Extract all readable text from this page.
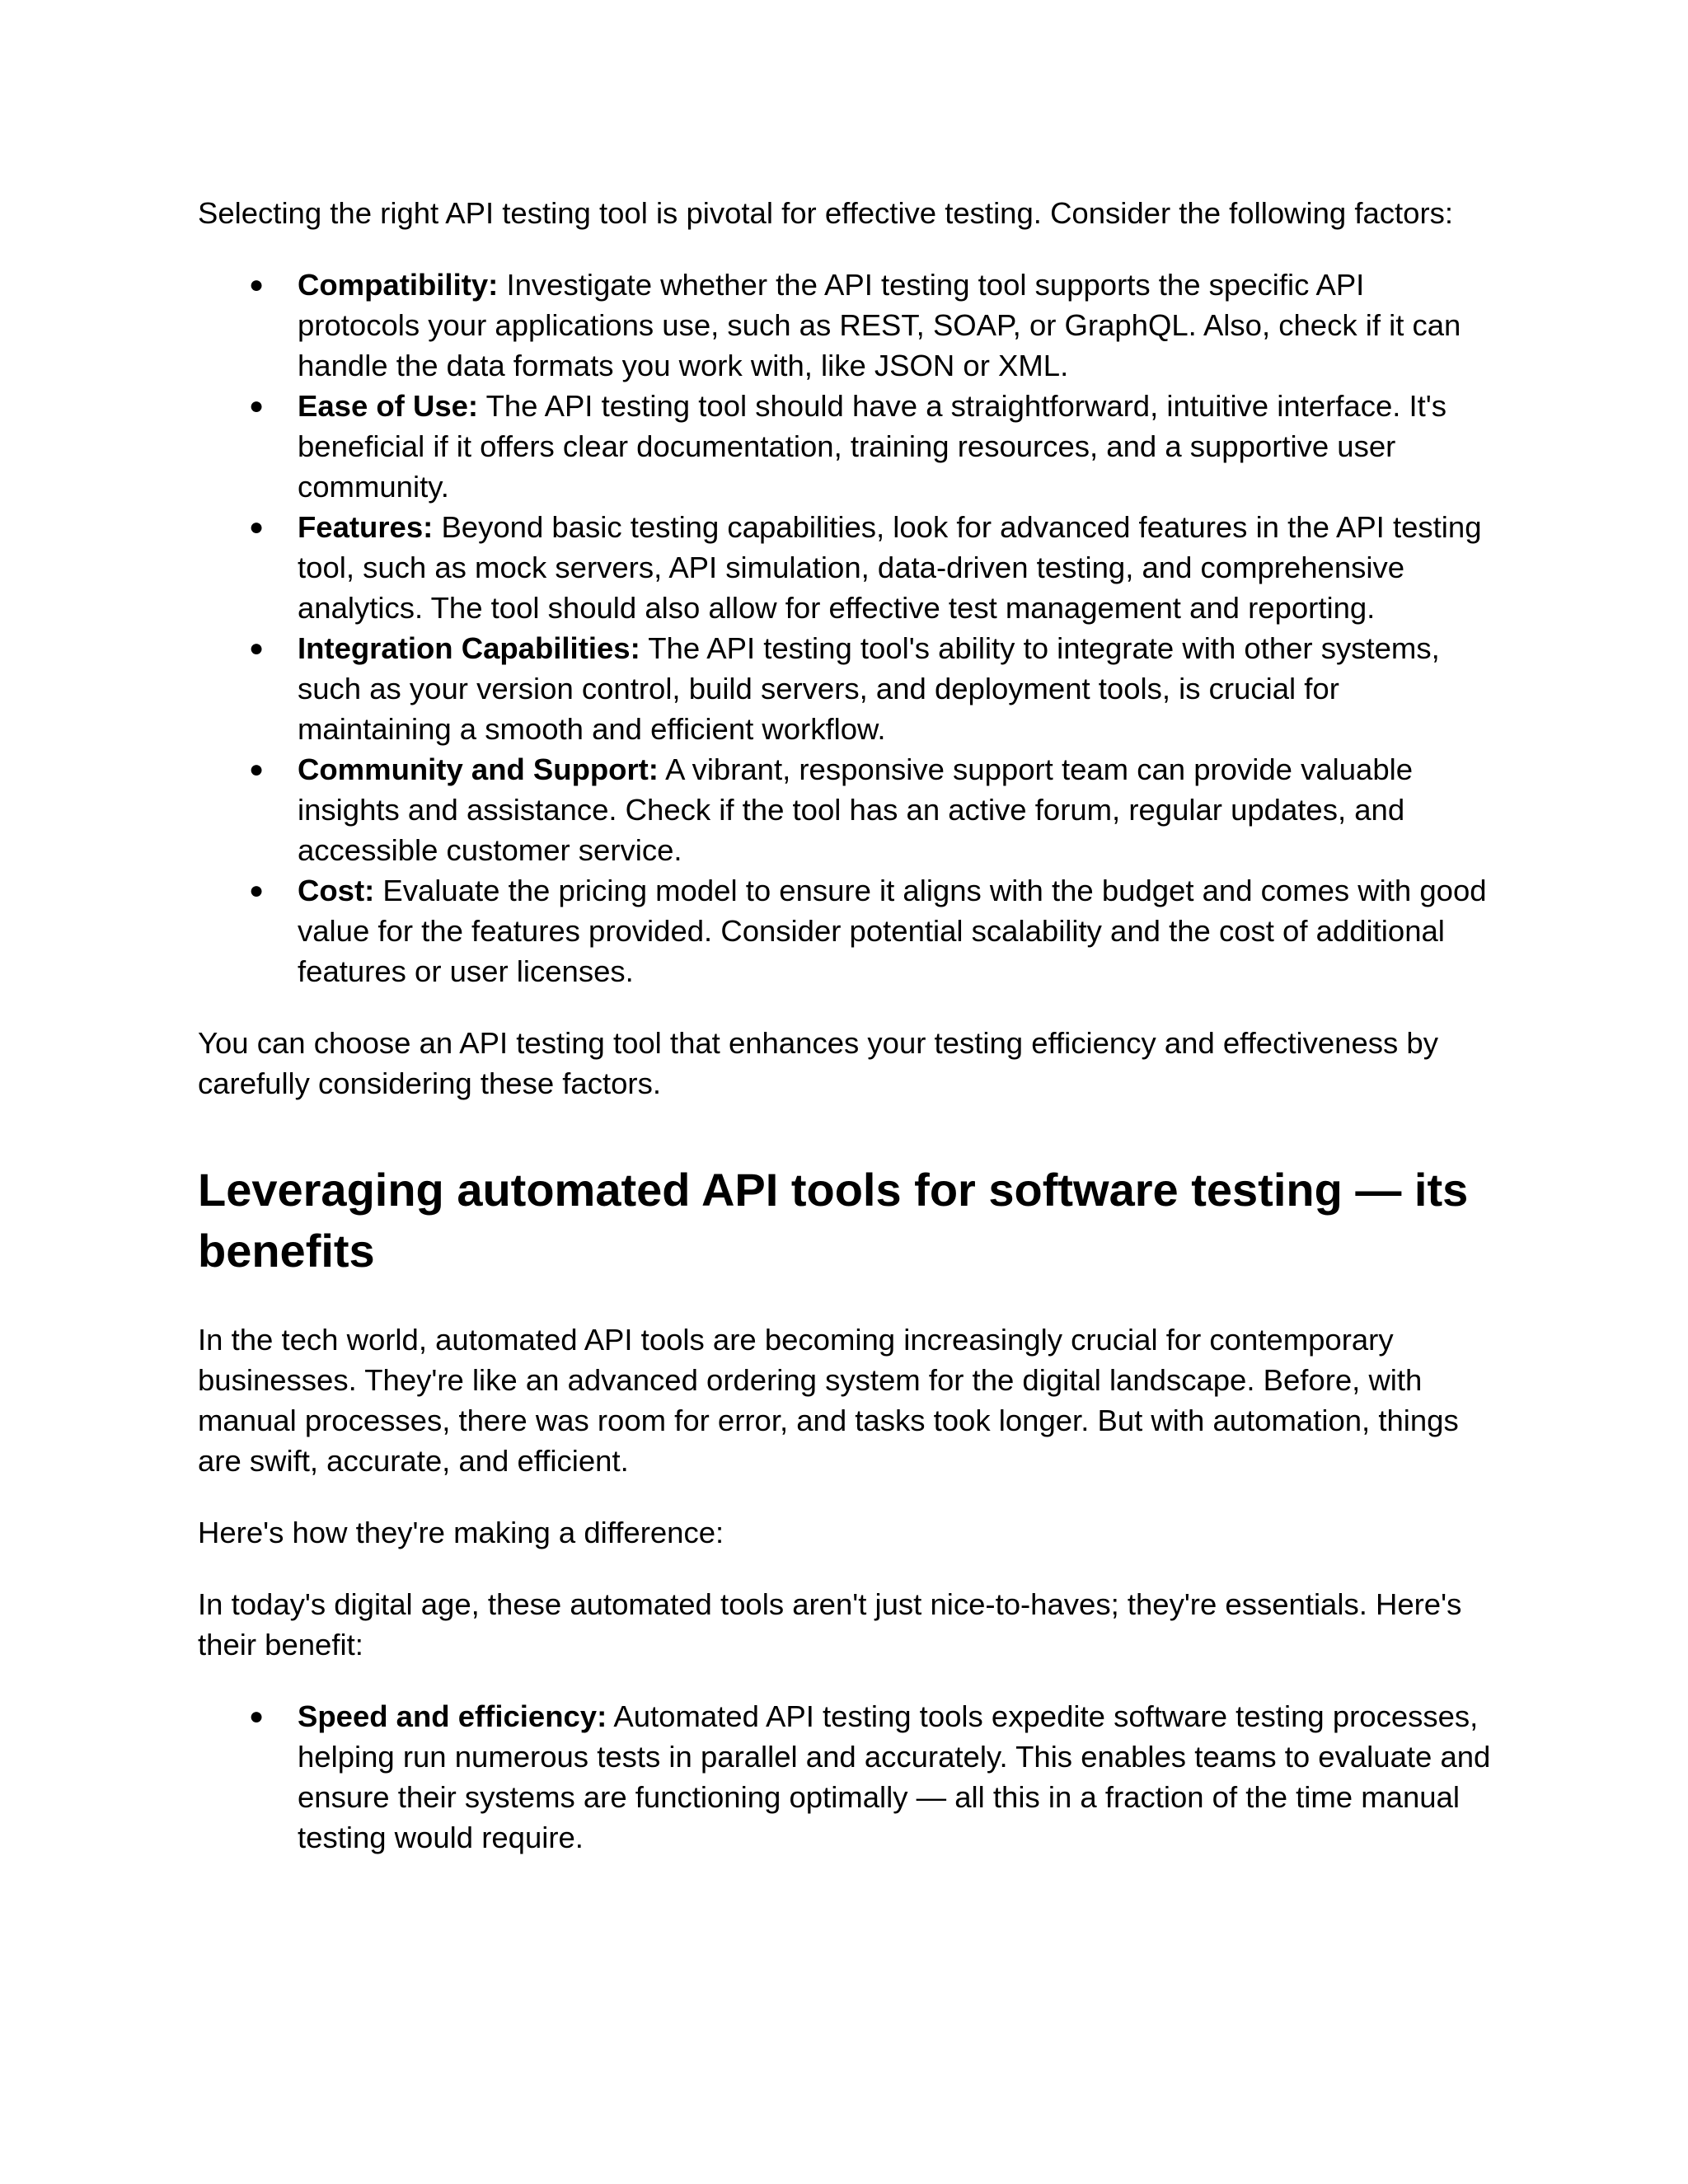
Selecting the right API testing tool is pivotal for effective testing. Consider the following factors:

● Compatibility: Investigate whether the API testing tool supports the specific API protocols your applications use, such as REST, SOAP, or GraphQL. Also, check if it can handle the data formats you work with, like JSON or XML.
● Ease of Use: The API testing tool should have a straightforward, intuitive interface. It's beneficial if it offers clear documentation, training resources, and a supportive user community.
● Features: Beyond basic testing capabilities, look for advanced features in the API testing tool, such as mock servers, API simulation, data-driven testing, and comprehensive analytics. The tool should also allow for effective test management and reporting.
● Integration Capabilities: The API testing tool's ability to integrate with other systems, such as your version control, build servers, and deployment tools, is crucial for maintaining a smooth and efficient workflow.
● Community and Support: A vibrant, responsive support team can provide valuable insights and assistance. Check if the tool has an active forum, regular updates, and accessible customer service.
● Cost: Evaluate the pricing model to ensure it aligns with the budget and comes with good value for the features provided. Consider potential scalability and the cost of additional features or user licenses.

You can choose an API testing tool that enhances your testing efficiency and effectiveness by carefully considering these factors.

Leveraging automated API tools for software testing — its benefits

In the tech world, automated API tools are becoming increasingly crucial for contemporary businesses. They're like an advanced ordering system for the digital landscape. Before, with manual processes, there was room for error, and tasks took longer. But with automation, things are swift, accurate, and efficient.

Here's how they're making a difference:

In today's digital age, these automated tools aren't just nice-to-haves; they're essentials. Here's their benefit:

● Speed and efficiency: Automated API testing tools expedite software testing processes, helping run numerous tests in parallel and accurately. This enables teams to evaluate and ensure their systems are functioning optimally — all this in a fraction of the time manual testing would require.
